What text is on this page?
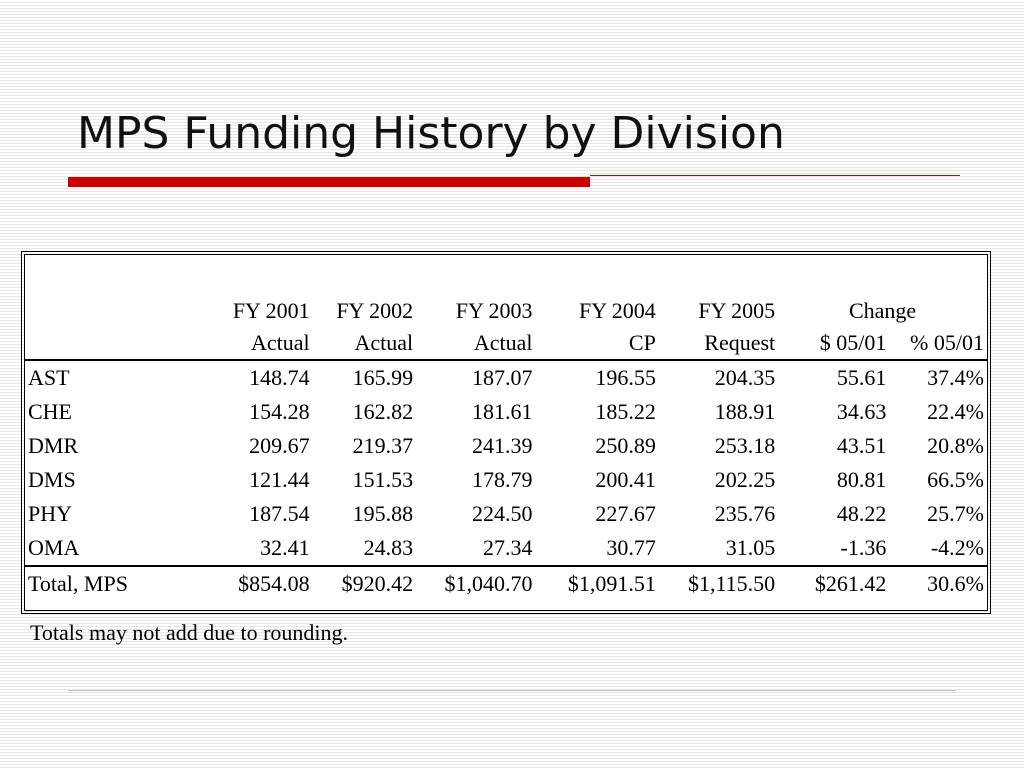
MPS Funding History by Division
	FY 2001	FY 2002	FY 2003	FY 2004	FY 2005	Change	
	Actual	Actual	Actual	CP	Request	$ 05/01	% 05/01
AST	148.74	165.99	187.07	196.55	204.35	55.61	37.4%
CHE	154.28	162.82	181.61	185.22	188.91	34.63	22.4%
DMR	209.67	219.37	241.39	250.89	253.18	43.51	20.8%
DMS	121.44	151.53	178.79	200.41	202.25	80.81	66.5%
PHY	187.54	195.88	224.50	227.67	235.76	48.22	25.7%
OMA	32.41	24.83	27.34	30.77	31.05	-1.36	-4.2%
Total, MPS	$854.08	$920.42	$1,040.70	$1,091.51	$1,115.50	$261.42	30.6%
Totals may not add due to rounding.
